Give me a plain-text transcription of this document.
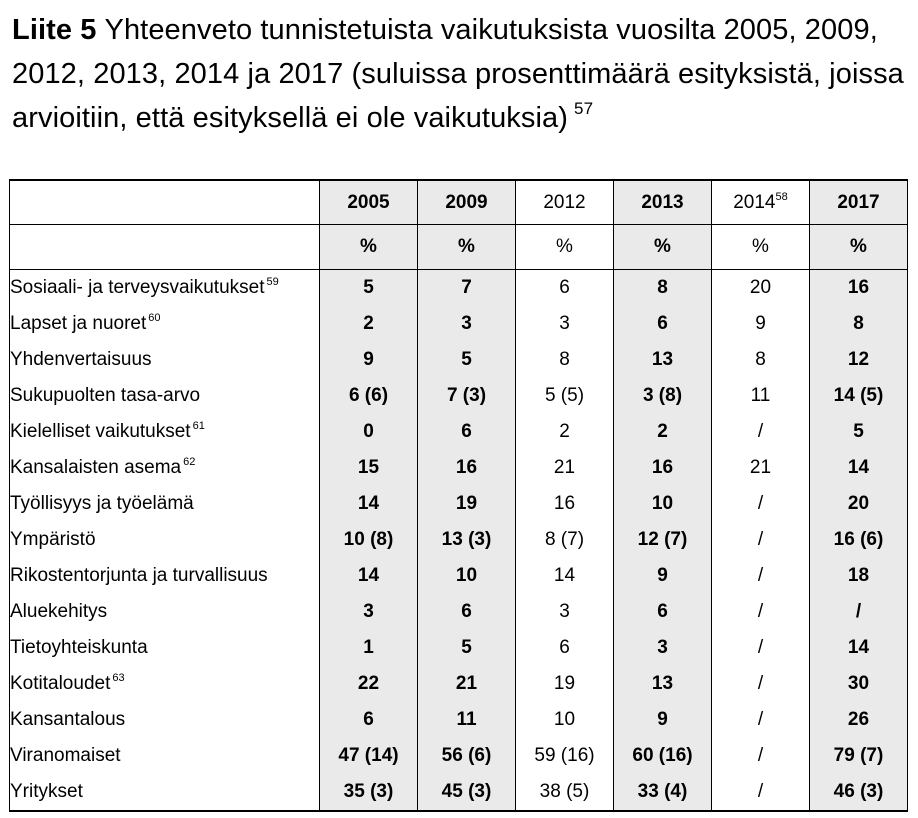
Liite 5 Yhteenveto tunnistetuista vaikutuksista vuosilta 2005, 2009, 2012, 2013, 2014 ja 2017 (suluissa prosenttimäärä esityksistä, joissa arvioitiin, että esityksellä ei ole vaikutuksia) $^{57}$
	2005	2009	2012	2013	2014$^{58}$	2017
	%	%	%	%	%	%
Sosiaali- ja terveysvaikutukset $^{59}$	5	7	6	8	20	16
Lapset ja nuoret $^{60}$	2	3	3	6	9	8
Yhdenvertaisuus	9	5	8	13	8	12
Sukupuolten tasa-arvo	6 (6)	7 (3)	5 (5)	3 (8)	11	14 (5)
Kielelliset vaikutukset $^{61}$	0	6	2	2	/	5
Kansalaisten asema $^{62}$	15	16	21	16	21	14
Työllisyys ja työelämä	14	19	16	10	/	20
Ympäristö	10 (8)	13 (3)	8 (7)	12 (7)	/	16 (6)
Rikostentorjunta ja turvallisuus	14	10	14	9	/	18
Aluekehitys	3	6	3	6	/	/
Tietoyhteiskunta	1	5	6	3	/	14
Kotitaloudet $^{63}$	22	21	19	13	/	30
Kansantalous	6	11	10	9	/	26
Viranomaiset	47 (14)	56 (6)	59 (16)	60 (16)	/	79 (7)
Yritykset	35 (3)	45 (3)	38 (5)	33 (4)	/	46 (3)
